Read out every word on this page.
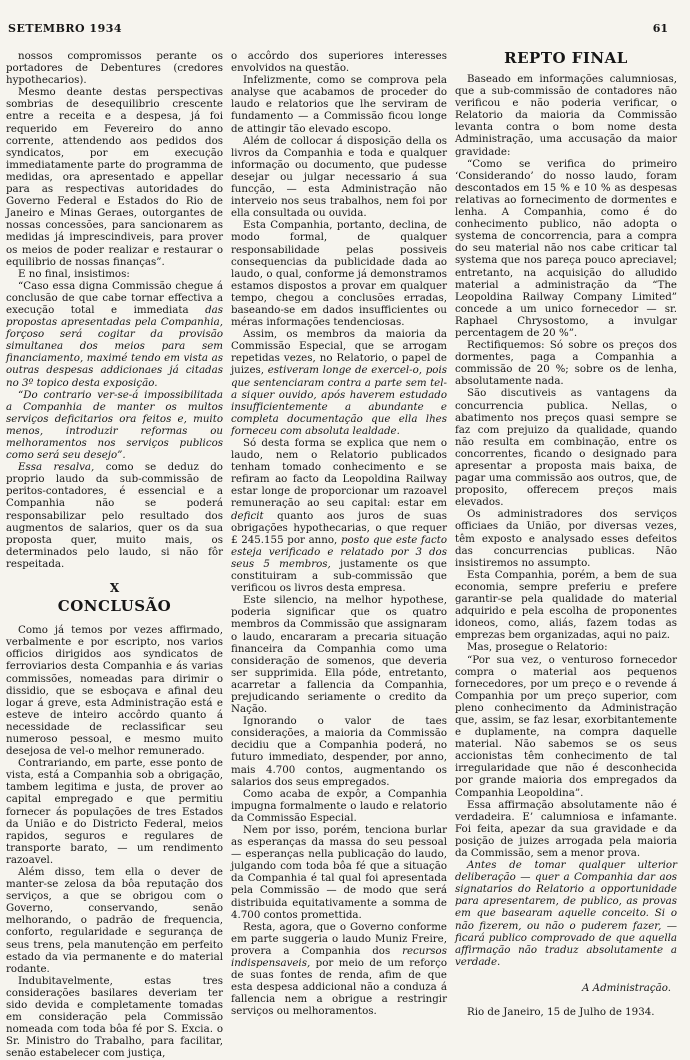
SETEMBRO 1934	61

nossos compromissos perante os portadores de Debentures (credores hypothecarios).

Mesmo deante destas perspectivas sombrias de desequilibrio crescente entre a receita e a despesa, já foi requerido em Fevereiro do anno corrente, attendendo aos pedidos dos syndicatos, por em execução immediatamente parte do programma de medidas, ora apresentado e appellar para as respectivas autoridades do Governo Federal e Estados do Rio de Janeiro e Minas Geraes, outorgantes de nossas concessões, para sancionarem as medidas já imprescindiveis, para prover os meios de poder realizar e restaurar o equilibrio de nossas finanças”.

E no final, insistimos:

“Caso essa digna Commissão chegue á conclusão de que cabe tornar effectiva a execução total e immediata das propostas apresentadas pela Companhia, forçoso será cogitar da provisão simultanea dos meios para sem financiamento, maximé tendo em vista as outras despesas addicionaes já citadas no 3º topico desta exposição.

“Do contrario ver-se-á impossibilitada a Companhia de manter os multos serviços deficitarios ora feitos e, muito menos, introduzir reformas ou melhoramentos nos serviços publicos como será seu desejo”.

Essa resalva, como se deduz do proprio laudo da sub-commissão de peritos-contadores, é essencial e a Companhia não se poderá responsabilizar pelo resultado dos augmentos de salarios, quer os da sua proposta quer, muito mais, os determinados pelo laudo, si não fôr respeitada.

X
CONCLUSÃO

Como já temos por vezes affirmado, verbalmente e por escripto, nos varios officios dirigidos aos syndicatos de ferroviarios desta Companhia e ás varias commissões, nomeadas para dirimir o dissidio, que se esboçava e afinal deu logar á greve, esta Administração está e esteve de inteiro accôrdo quanto á necessidade de reclassificar seu numeroso pessoal, e mesmo muito desejosa de vel-o melhor remunerado.

Contrariando, em parte, esse ponto de vista, está a Companhia sob a obrigação, tambem legitima e justa, de prover ao capital empregado e que permitiu fornecer ás populações de tres Estados da União e do Districto Federal, meios rapidos, seguros e regulares de transporte barato, — um rendimento razoavel.

Além disso, tem ella o dever de manter-se zelosa da bôa reputação dos serviços, a que se obrigou com o Governo, conservando, senão melhorando, o padrão de frequencia, conforto, regularidade e segurança de seus trens, pela manutenção em perfeito estado da via permanente e do material rodante.

Indubitavelmente, estas tres considerações basilares deveriam ter sido devida e completamente tomadas em consideração pela Commissão nomeada com toda bôa fé por S. Excia. o Sr. Ministro do Trabalho, para facilitar, senão estabelecer com justiça,

o accôrdo dos superiores interesses envolvidos na questão.

Infelizmente, como se comprova pela analyse que acabamos de proceder do laudo e relatorios que lhe serviram de fundamento — a Commissão ficou longe de attingir tão elevado escopo.

Além de collocar á disposição della os livros da Companhia e toda e qualquer informação ou documento, que pudesse desejar ou julgar necessario á sua funcção, — esta Administração não interveio nos seus trabalhos, nem foi por ella consultada ou ouvida.

Esta Companhia, portanto, declina, de modo formal, de qualquer responsabilidade pelas possiveis consequencias da publicidade dada ao laudo, o qual, conforme já demonstramos estamos dispostos a provar em qualquer tempo, chegou a conclusões erradas, baseando-se em dados insufficientes ou méras informações tendenciosas.

Assim, os membros da maioria da Commissão Especial, que se arrogam repetidas vezes, no Relatorio, o papel de juizes, estiveram longe de exercel-o, pois que sentenciaram contra a parte sem tel-a siquer ouvido, após haverem estudado insufficientemente a abundante e completa documentação que ella lhes forneceu com absoluta lealdade.

Só desta forma se explica que nem o laudo, nem o Relatorio publicados tenham tomado conhecimento e se refiram ao facto da Leopoldina Railway estar longe de proporcionar um razoavel remuneração ao seu capital: estar em deficit quanto aos juros de suas obrigações hypothecarias, o que requer £ 245.155 por anno, posto que este facto esteja verificado e relatado por 3 dos seus 5 membros, justamente os que constituiram a sub-commissão que verificou os livros desta empresa.

Este silencio, na melhor hypothese, poderia significar que os quatro membros da Commissão que assignaram o laudo, encararam a precaria situação financeira da Companhia como uma consideração de somenos, que deveria ser supprimida. Ella póde, entretanto, acarretar a fallencia da Companhia, prejudicando seriamente o credito da Nação.

Ignorando o valor de taes considerações, a maioria da Commissão decidiu que a Companhia poderá, no futuro immediato, despender, por anno, mais 4.700 contos, augmentando os salarios dos seus empregados.

Como acaba de expôr, a Companhia impugna formalmente o laudo e relatorio da Commissão Especial.

Nem por isso, porém, tenciona burlar as esperanças da massa do seu pessoal — esperanças nella publicação do laudo, julgando com toda bôa fé que a situação da Companhia é tal qual foi apresentada pela Commissão — de modo que será distribuida equitativamente a somma de 4.700 contos promettida.

Resta, agora, que o Governo conforme em parte suggeria o laudo Muniz Freire, provera a Companhia dos recursos indispensaveis, por meio de um reforço de suas fontes de renda, afim de que esta despesa addicional não a conduza á fallencia nem a obrigue a restringir serviços ou melhoramentos.

REPTO FINAL

Baseado em informações calumniosas, que a sub-commissão de contadores não verificou e não poderia verificar, o Relatorio da maioria da Commissão levanta contra o bom nome desta Administração, uma accusação da maior gravidade:

“Como se verifica do primeiro ‘Considerando’ do nosso laudo, foram descontados em 15 % e 10 % as despesas relativas ao fornecimento de dormentes e lenha. A Companhia, como é do conhecimento publico, não adopta o systema de concorrencia, para a compra do seu material não nos cabe criticar tal systema que nos pareça pouco apreciavel; entretanto, na acquisição do alludido material a administração da “The Leopoldina Railway Company Limited” concede a um unico fornecedor — sr. Raphael Chrysostomo, a invulgar percentagem de 20 %”.

Rectifiquemos: Só sobre os preços dos dormentes, paga a Companhia a commissão de 20 %; sobre os de lenha, absolutamente nada.

São discutiveis as vantagens da concurrencia publica. Nellas, o abatimento nos preços quasi sempre se faz com prejuizo da qualidade, quando não resulta em combinação, entre os concorrentes, ficando o designado para apresentar a proposta mais baixa, de pagar uma commissão aos outros, que, de proposito, offerecem preços mais elevados.

Os administradores dos serviços officiaes da União, por diversas vezes, têm exposto e analysado esses defeitos das concurrencias publicas. Não insistiremos no assumpto.

Esta Companhia, porém, a bem de sua economia, sempre preferiu e prefere garantir-se pela qualidade do material adquirido e pela escolha de proponentes idoneos, como, aliás, fazem todas as emprezas bem organizadas, aqui no paiz.

Mas, prosegue o Relatorio:

“Por sua vez, o venturoso fornecedor compra o material aos pequenos fornecedores, por um preço e o revende á Companhia por um preço superior, com pleno conhecimento da Administração que, assim, se faz lesar, exorbitantemente e duplamente, na compra daquelle material. Não sabemos se os seus accionistas têm conhecimento de tal irregularidade que não é desconhecida por grande maioria dos empregados da Companhia Leopoldina”.

Essa affirmação absolutamente não é verdadeira. E’ calumniosa e infamante. Foi feita, apezar da sua gravidade e da posição de juizes arrogada pela maioria da Commissão, sem a menor prova.

Antes de tomar qualquer ulterior deliberação — quer a Companhia dar aos signatarios do Relatorio a opportunidade para apresentarem, de publico, as provas em que basearam aquelle conceito. Si o não fizerem, ou não o puderem fazer, — ficará publico comprovado de que aquella affirmação não traduz absolutamente a verdade.

A Administração.

Rio de Janeiro, 15 de Julho de 1934.
